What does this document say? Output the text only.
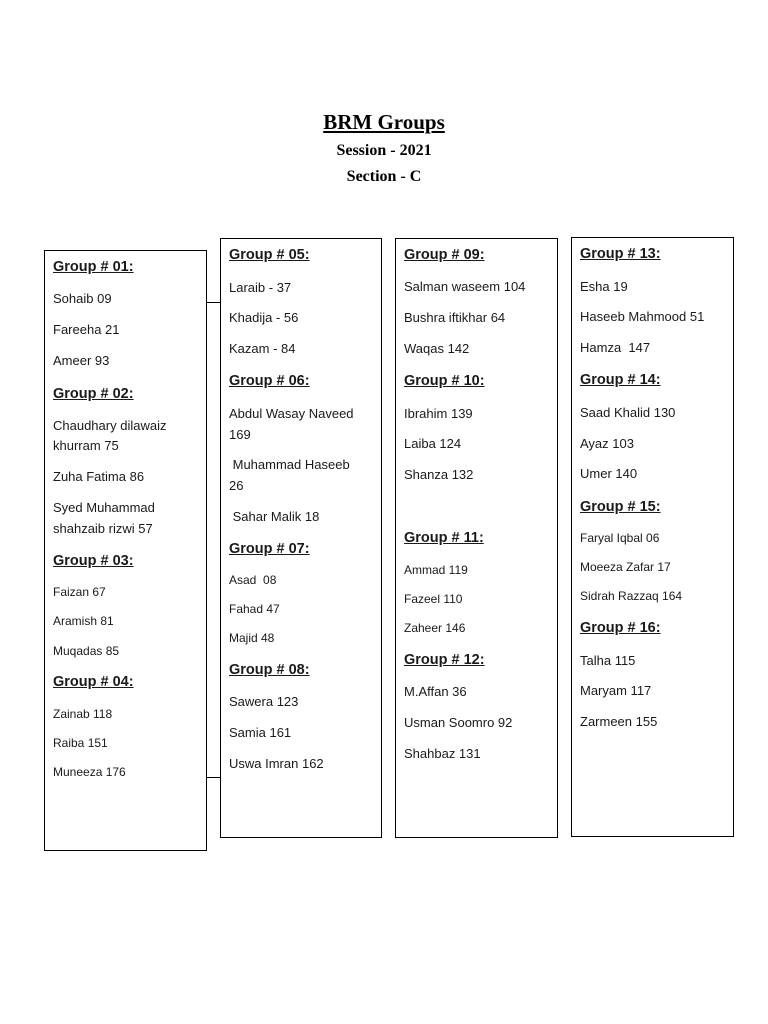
BRM Groups
Session - 2021
Section - C
Group # 01:
Sohaib 09
Fareeha 21
Ameer 93
Group # 02:
Chaudhary dilawaiz
khurram 75
Zuha Fatima 86
Syed Muhammad
shahzaib rizwi 57
Group # 03:
Faizan 67
Aramish 81
Muqadas 85
Group # 04:
Zainab 118
Raiba 151
Muneeza 176
Group # 05:
Laraib - 37
Khadija - 56
Kazam - 84
Group # 06:
Abdul Wasay Naveed
169
Muhammad Haseeb
26
Sahar Malik 18
Group # 07:
Asad  08
Fahad 47
Majid 48
Group # 08:
Sawera 123
Samia 161
Uswa Imran 162
Group # 09:
Salman waseem 104
Bushra iftikhar 64
Waqas 142
Group # 10:
Ibrahim 139
Laiba 124
Shanza 132
Group # 11:
Ammad 119
Fazeel 110
Zaheer 146
Group # 12:
M.Affan 36
Usman Soomro 92
Shahbaz 131
Group # 13:
Esha 19
Haseeb Mahmood 51
Hamza  147
Group # 14:
Saad Khalid 130
Ayaz 103
Umer 140
Group # 15:
Faryal Iqbal 06
Moeeza Zafar 17
Sidrah Razzaq 164
Group # 16:
Talha 115
Maryam 117
Zarmeen 155
